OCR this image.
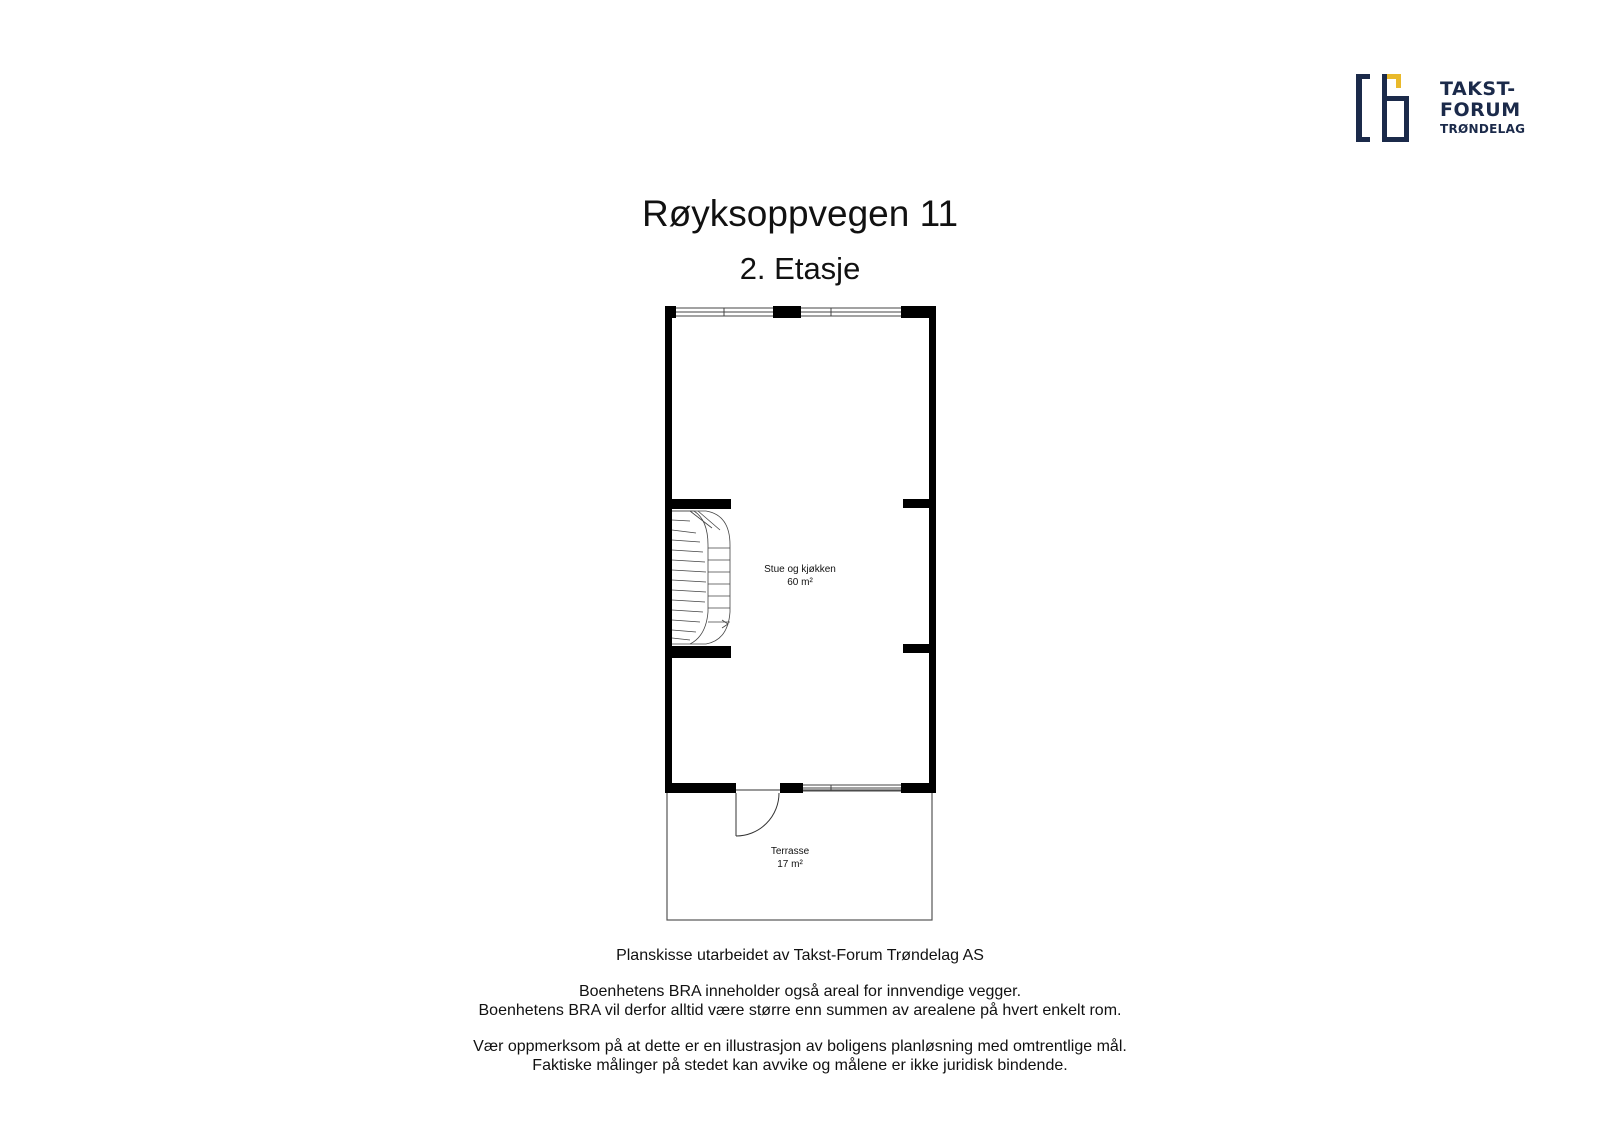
TAKST-
FORUM
TRØNDELAG
Røyksoppvegen 11
2. Etasje
Stue og kjøkken
60 m²
Terrasse
17 m²
Planskisse utarbeidet av Takst-Forum Trøndelag AS
Boenhetens BRA inneholder også areal for innvendige vegger.
Boenhetens BRA vil derfor alltid være større enn summen av arealene på hvert enkelt rom.
Vær oppmerksom på at dette er en illustrasjon av boligens planløsning med omtrentlige mål.
Faktiske målinger på stedet kan avvike og målene er ikke juridisk bindende.
